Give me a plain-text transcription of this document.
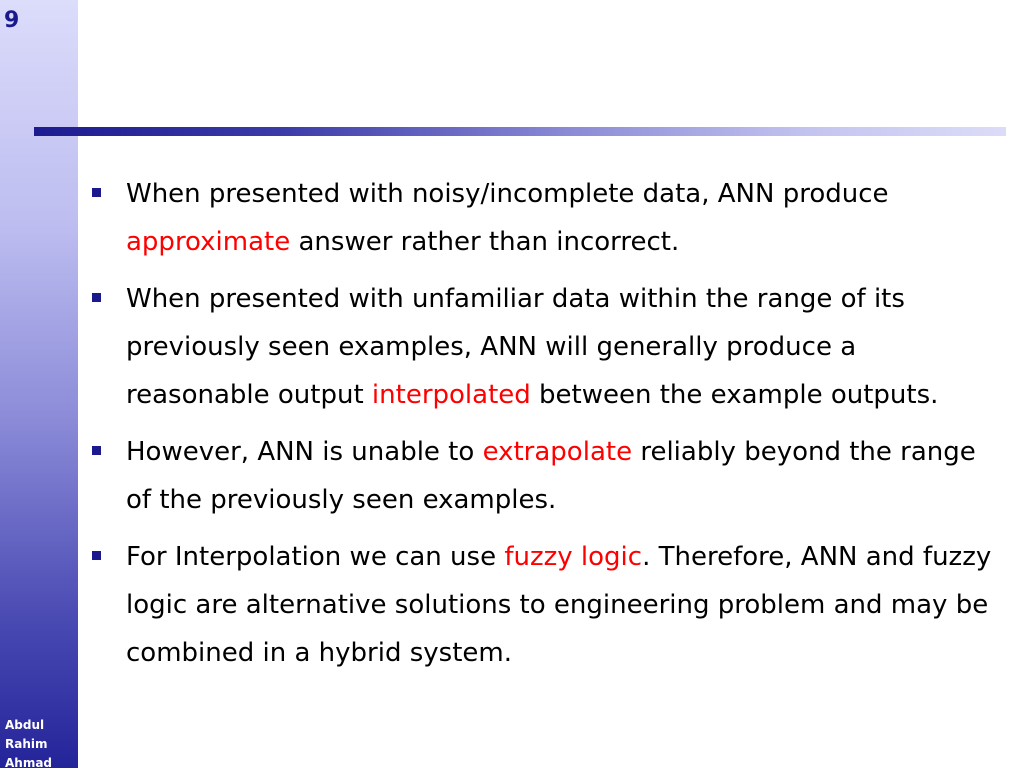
9
Abdul
Rahim
Ahmad
When presented with noisy/incomplete data, ANN produce approximate answer rather than incorrect.
When presented with unfamiliar data within the range of its previously seen examples, ANN will generally produce a reasonable output interpolated between the example outputs.
However, ANN is unable to extrapolate reliably beyond the range of the previously seen examples.
For Interpolation we can use fuzzy logic. Therefore, ANN and fuzzy logic are alternative solutions to engineering problem and may be combined in a hybrid system.
